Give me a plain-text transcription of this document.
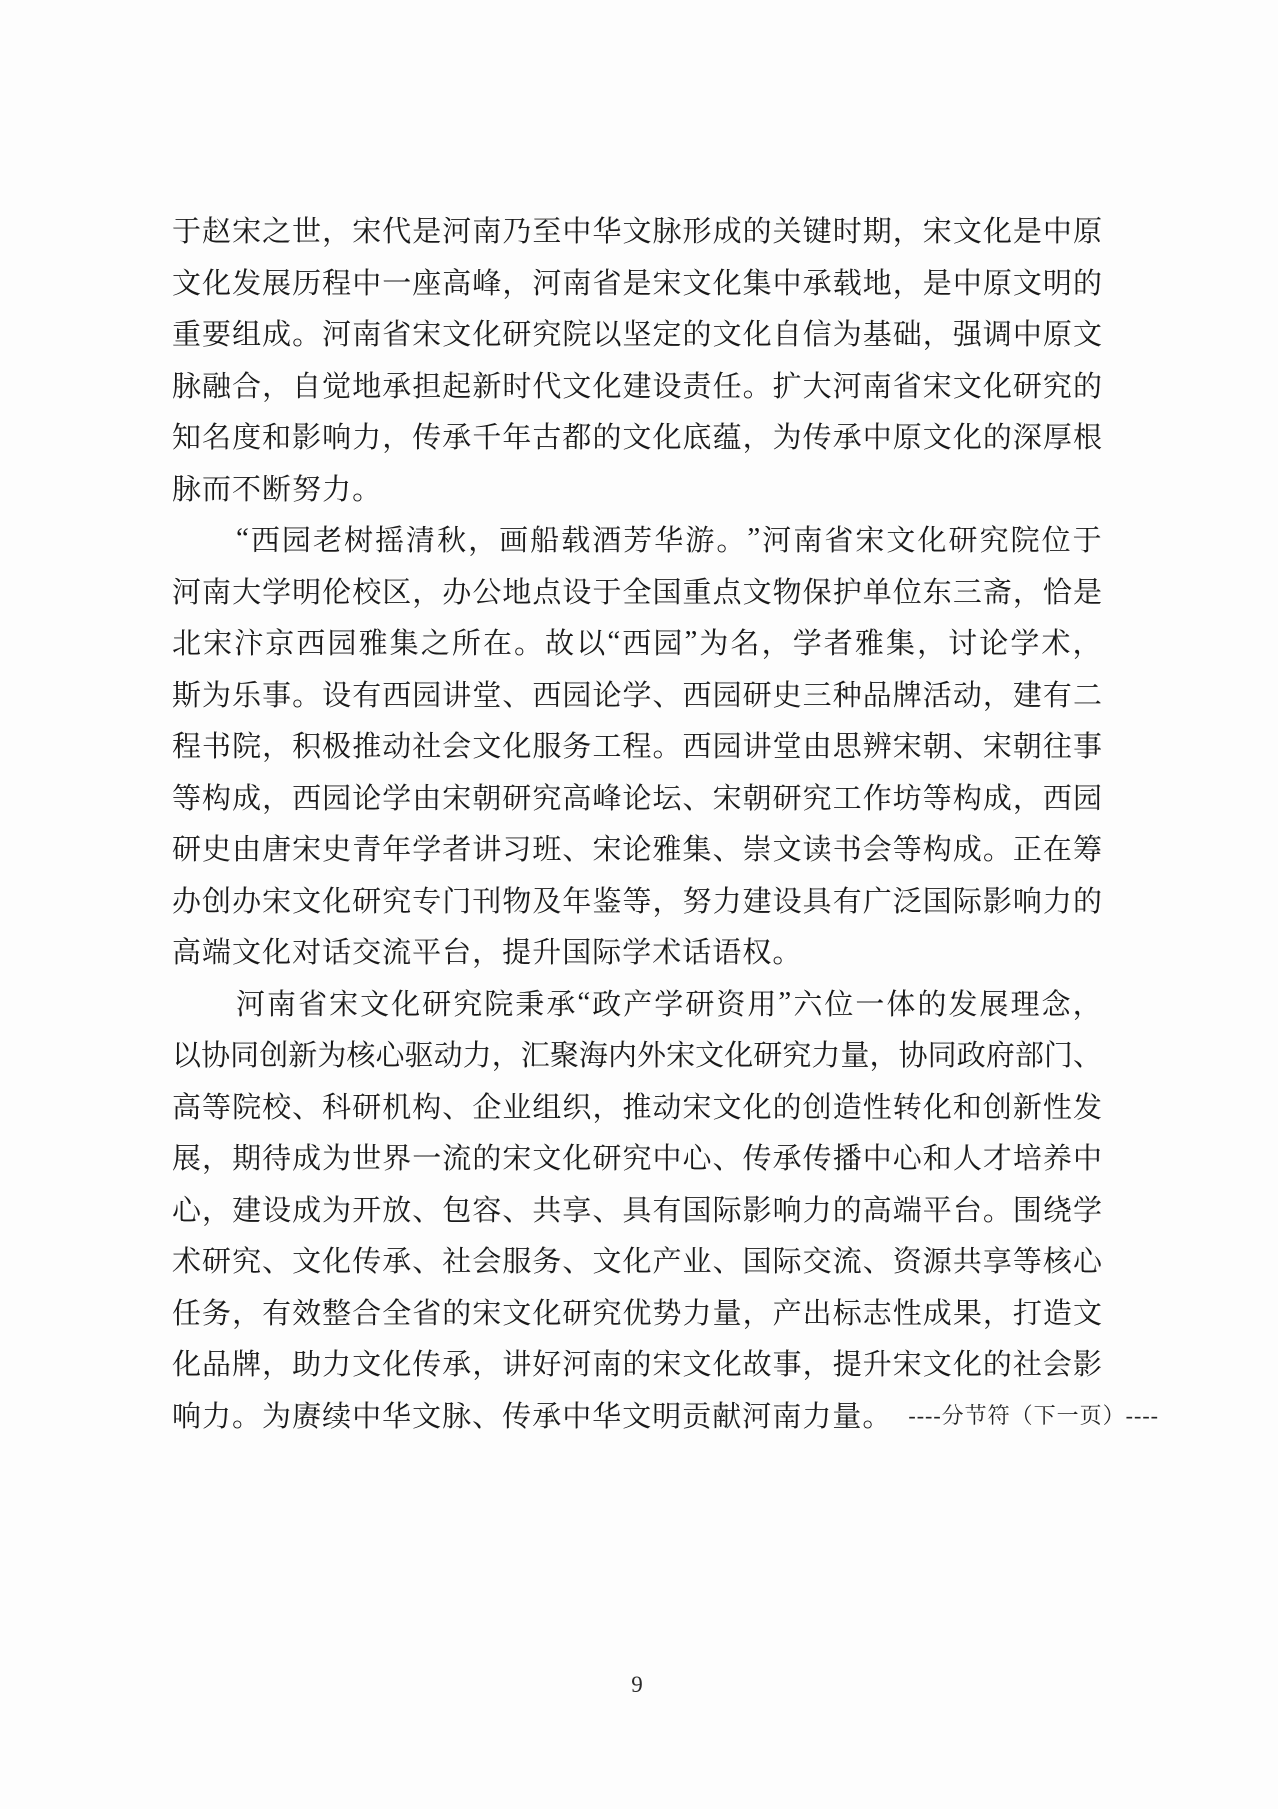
于 赵 宋 之 世 ， 宋 代 是 河 南 乃 至 中 华 文 脉 形 成 的 关 键 时 期 ， 宋 文 化 是 中 原
文 化 发 展 历 程 中 一 座 高 峰 ， 河 南 省 是 宋 文 化 集 中 承 载 地 ， 是 中 原 文 明 的
重 要 组 成 。 河 南 省 宋 文 化 研 究 院 以 坚 定 的 文 化 自 信 为 基 础 ， 强 调 中 原 文
脉 融 合 ， 自 觉 地 承 担 起 新 时 代 文 化 建 设 责 任 。 扩 大 河 南 省 宋 文 化 研 究 的
知 名 度 和 影 响 力 ， 传 承 千 年 古 都 的 文 化 底 蕴 ， 为 传 承 中 原 文 化 的 深 厚 根
脉 而 不 断 努 力 。
“ 西 园 老 树 摇 清 秋 ， 画 船 载 酒 芳 华 游 。 ” 河 南 省 宋 文 化 研 究 院 位 于
河 南 大 学 明 伦 校 区 ， 办 公 地 点 设 于 全 国 重 点 文 物 保 护 单 位 东 三 斋 ， 恰 是
北 宋 汴 京 西 园 雅 集 之 所 在 。 故 以 “ 西 园 ” 为 名 ， 学 者 雅 集 ， 讨 论 学 术 ，
斯 为 乐 事 。 设 有 西 园 讲 堂 、 西 园 论 学 、 西 园 研 史 三 种 品 牌 活 动 ， 建 有 二
程 书 院 ， 积 极 推 动 社 会 文 化 服 务 工 程 。 西 园 讲 堂 由 思 辨 宋 朝 、 宋 朝 往 事
等 构 成 ， 西 园 论 学 由 宋 朝 研 究 高 峰 论 坛 、 宋 朝 研 究 工 作 坊 等 构 成 ， 西 园
研 史 由 唐 宋 史 青 年 学 者 讲 习 班 、 宋 论 雅 集 、 崇 文 读 书 会 等 构 成 。 正 在 筹
办 创 办 宋 文 化 研 究 专 门 刊 物 及 年 鉴 等 ， 努 力 建 设 具 有 广 泛 国 际 影 响 力 的
高 端 文 化 对 话 交 流 平 台 ， 提 升 国 际 学 术 话 语 权 。
河 南 省 宋 文 化 研 究 院 秉 承 “ 政 产 学 研 资 用 ” 六 位 一 体 的 发 展 理 念 ，
以 协 同 创 新 为 核 心 驱 动 力 ， 汇 聚 海 内 外 宋 文 化 研 究 力 量 ， 协 同 政 府 部 门 、
高 等 院 校 、 科 研 机 构 、 企 业 组 织 ， 推 动 宋 文 化 的 创 造 性 转 化 和 创 新 性 发
展 ， 期 待 成 为 世 界 一 流 的 宋 文 化 研 究 中 心 、 传 承 传 播 中 心 和 人 才 培 养 中
心 ， 建 设 成 为 开 放 、 包 容 、 共 享 、 具 有 国 际 影 响 力 的 高 端 平 台 。 围 绕 学
术 研 究 、 文 化 传 承 、 社 会 服 务 、 文 化 产 业 、 国 际 交 流 、 资 源 共 享 等 核 心
任 务 ， 有 效 整 合 全 省 的 宋 文 化 研 究 优 势 力 量 ， 产 出 标 志 性 成 果 ， 打 造 文
化 品 牌 ， 助 力 文 化 传 承 ， 讲 好 河 南 的 宋 文 化 故 事 ， 提 升 宋 文 化 的 社 会 影
响 力 。 为 赓 续 中 华 文 脉 、 传 承 中 华 文 明 贡 献 河 南 力 量 。 ----分节符（下一页）----
9
